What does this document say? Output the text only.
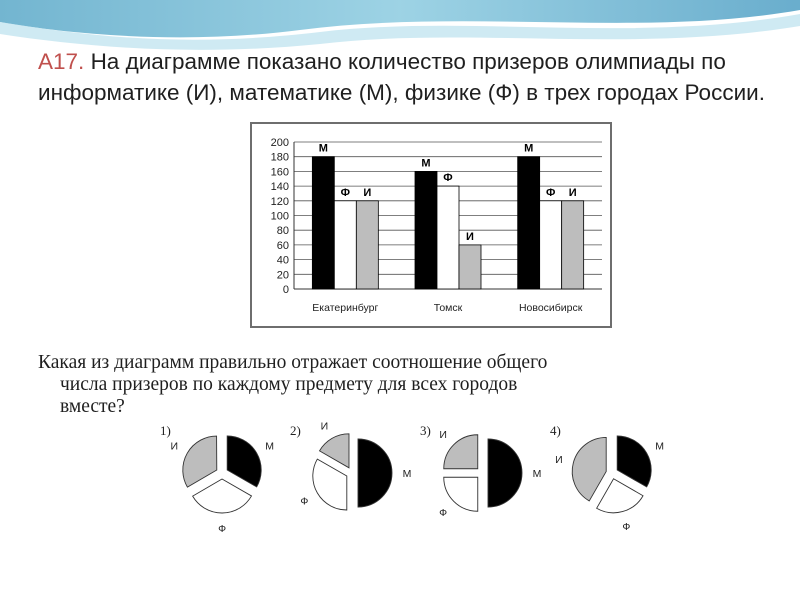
А17. На диаграмме показано количество призеров олимпиады по информатике (И), математике (М), физике (Ф) в трех городах России.
0
20
40
60
80
100
120
140
160
180
200	М
Ф И
Екатеринбург
М
Ф
И
Томск
М
Ф И
Новосибирск
Какая из диаграмм правильно отражает соотношение общего

числа призеров по каждому предмету для всех городов
вместе?
1)
М
Ф
И
2)
М
Ф
И	3)
М
Ф
И	4)
М
Ф
И
